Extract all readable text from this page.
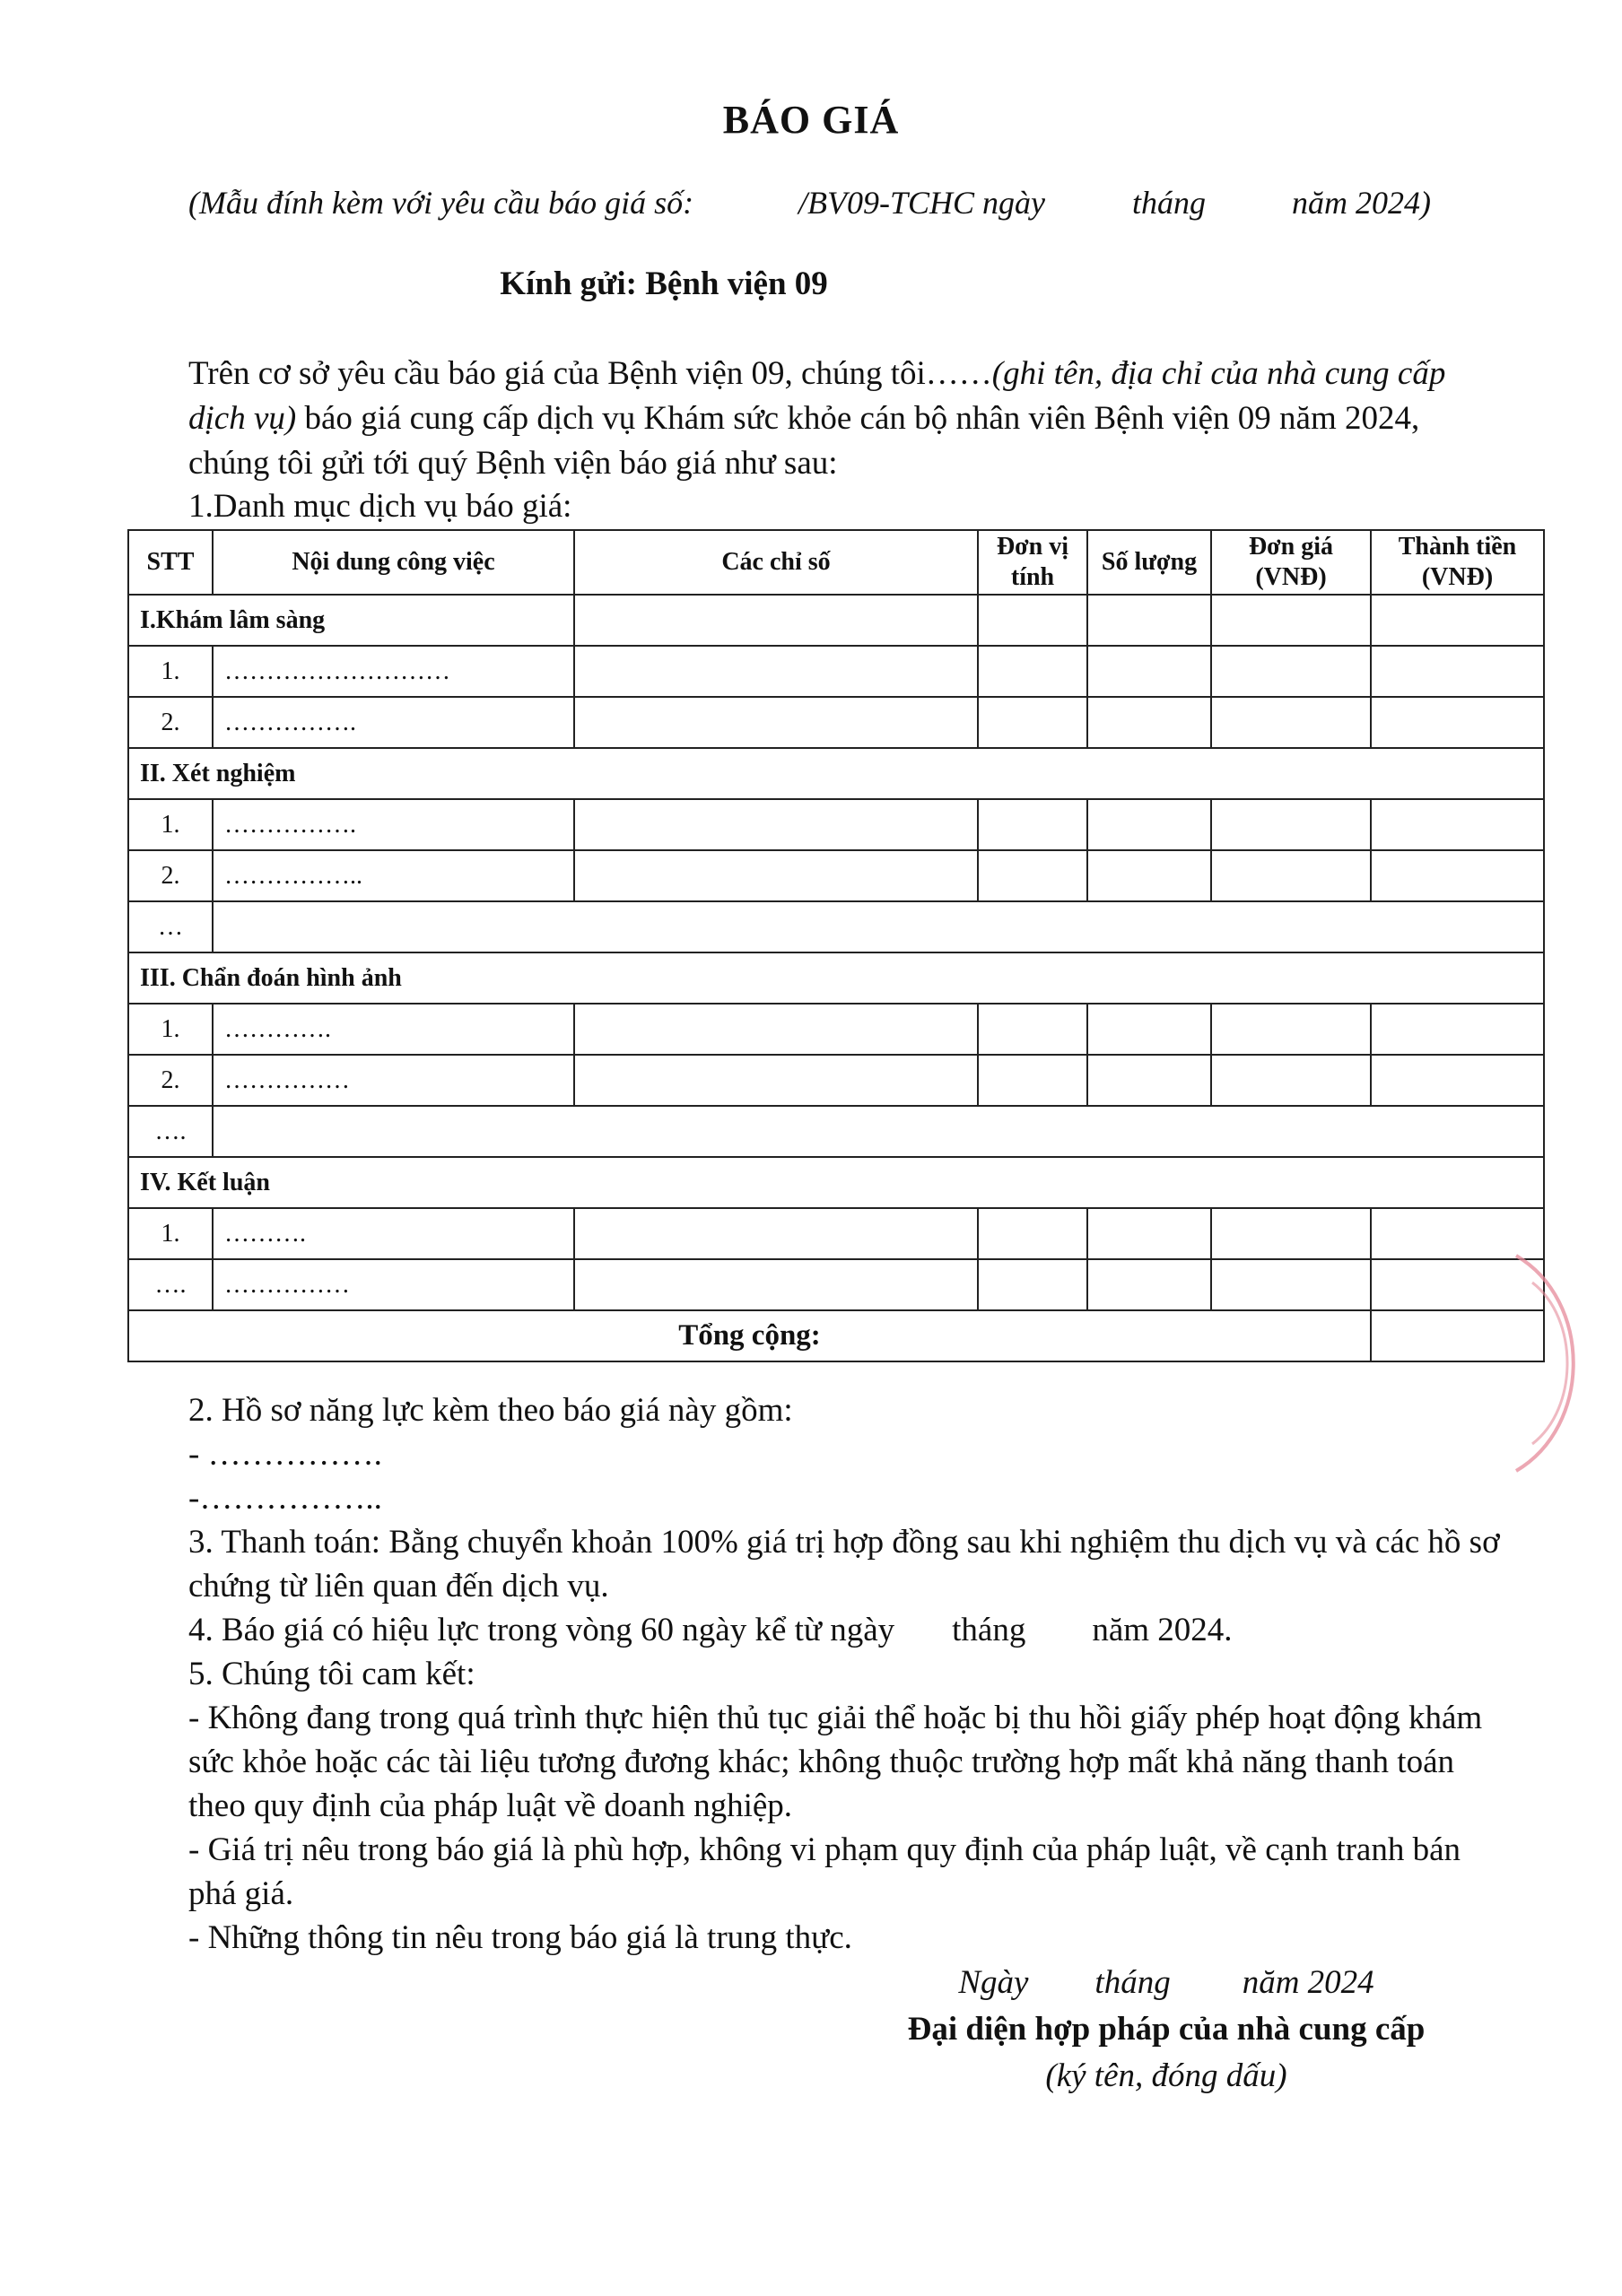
BÁO GIÁ
(Mẫu đính kèm với yêu cầu báo giá số:	/BV09-TCHC ngày	tháng	năm 2024)
Kính gửi: Bệnh viện 09

Trên cơ sở yêu cầu báo giá của Bệnh viện 09, chúng tôi……(ghi tên, địa chỉ của nhà cung cấp dịch vụ) báo giá cung cấp dịch vụ Khám sức khỏe cán bộ nhân viên Bệnh viện 09 năm 2024, chúng tôi gửi tới quý Bệnh viện báo giá như sau:

1.Danh mục dịch vụ báo giá:
STT	Nội dung công việc	Các chỉ số	Đơn vị tính	Số lượng	Đơn giá (VNĐ)	Thành tiền (VNĐ)
I.Khám lâm sàng						
1.	………………………					
2.	…………….					
II. Xét nghiệm						
1.	…………….					
2.	……………..					
…						
III. Chẩn đoán hình ảnh						
1.	………….					
2.	……………					
….						
IV. Kết luận						
1.	……….					
….	……………					
Tổng cộng:						

2. Hồ sơ năng lực kèm theo báo giá này gồm:

- …………….

-……………..

3. Thanh toán: Bằng chuyển khoản 100% giá trị hợp đồng sau khi nghiệm thu dịch vụ và các hồ sơ chứng từ liên quan đến dịch vụ.

4. Báo giá có hiệu lực trong vòng 60 ngày kể từ ngày tháng năm 2024.

5. Chúng tôi cam kết:

- Không đang trong quá trình thực hiện thủ tục giải thể hoặc bị thu hồi giấy phép hoạt động khám sức khỏe hoặc các tài liệu tương đương khác; không thuộc trường hợp mất khả năng thanh toán theo quy định của pháp luật về doanh nghiệp.

- Giá trị nêu trong báo giá là phù hợp, không vi phạm quy định của pháp luật, về cạnh tranh bán phá giá.

- Những thông tin nêu trong báo giá là trung thực.

Ngày tháng năm 2024
Đại diện hợp pháp của nhà cung cấp
(ký tên, đóng dấu)
